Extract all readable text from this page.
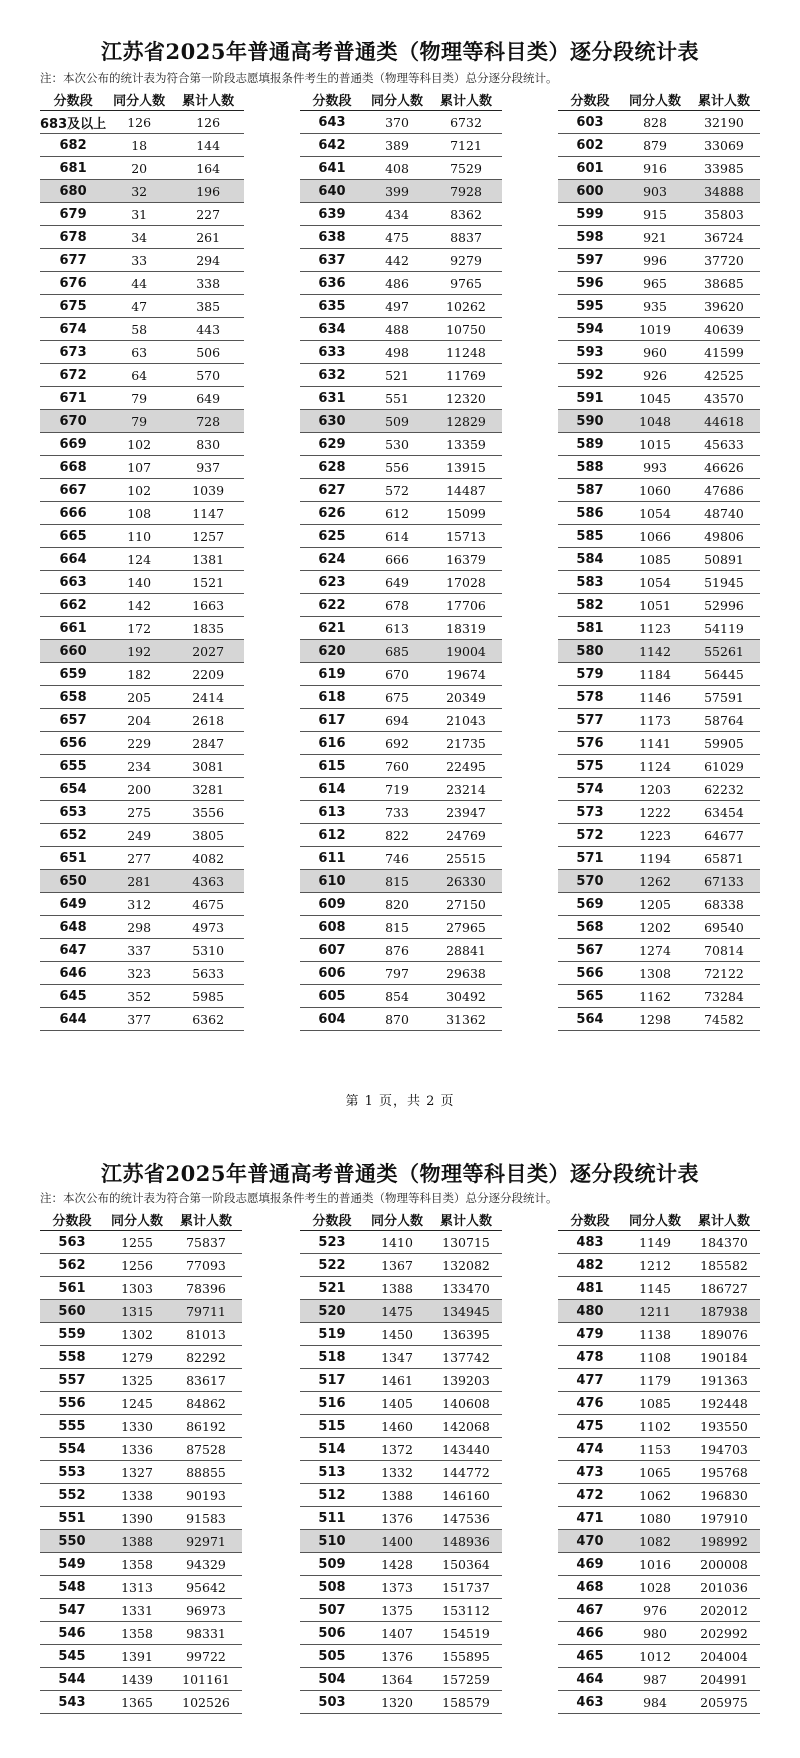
江苏省2025年普通高考普通类（物理等科目类）逐分段统计表
注：本次公布的统计表为符合第一阶段志愿填报条件考生的普通类（物理等科目类）总分逐分段统计。
分数段	同分人数	累计人数
683及以上	126	126
682	18	144
681	20	164
680	32	196
679	31	227
678	34	261
677	33	294
676	44	338
675	47	385
674	58	443
673	63	506
672	64	570
671	79	649
670	79	728
669	102	830
668	107	937
667	102	1039
666	108	1147
665	110	1257
664	124	1381
663	140	1521
662	142	1663
661	172	1835
660	192	2027
659	182	2209
658	205	2414
657	204	2618
656	229	2847
655	234	3081
654	200	3281
653	275	3556
652	249	3805
651	277	4082
650	281	4363
649	312	4675
648	298	4973
647	337	5310
646	323	5633
645	352	5985
644	377	6362
分数段	同分人数	累计人数
643	370	6732
642	389	7121
641	408	7529
640	399	7928
639	434	8362
638	475	8837
637	442	9279
636	486	9765
635	497	10262
634	488	10750
633	498	11248
632	521	11769
631	551	12320
630	509	12829
629	530	13359
628	556	13915
627	572	14487
626	612	15099
625	614	15713
624	666	16379
623	649	17028
622	678	17706
621	613	18319
620	685	19004
619	670	19674
618	675	20349
617	694	21043
616	692	21735
615	760	22495
614	719	23214
613	733	23947
612	822	24769
611	746	25515
610	815	26330
609	820	27150
608	815	27965
607	876	28841
606	797	29638
605	854	30492
604	870	31362
分数段	同分人数	累计人数
603	828	32190
602	879	33069
601	916	33985
600	903	34888
599	915	35803
598	921	36724
597	996	37720
596	965	38685
595	935	39620
594	1019	40639
593	960	41599
592	926	42525
591	1045	43570
590	1048	44618
589	1015	45633
588	993	46626
587	1060	47686
586	1054	48740
585	1066	49806
584	1085	50891
583	1054	51945
582	1051	52996
581	1123	54119
580	1142	55261
579	1184	56445
578	1146	57591
577	1173	58764
576	1141	59905
575	1124	61029
574	1203	62232
573	1222	63454
572	1223	64677
571	1194	65871
570	1262	67133
569	1205	68338
568	1202	69540
567	1274	70814
566	1308	72122
565	1162	73284
564	1298	74582
第 1 页，共 2 页
江苏省2025年普通高考普通类（物理等科目类）逐分段统计表
注：本次公布的统计表为符合第一阶段志愿填报条件考生的普通类（物理等科目类）总分逐分段统计。
分数段	同分人数	累计人数
563	1255	75837
562	1256	77093
561	1303	78396
560	1315	79711
559	1302	81013
558	1279	82292
557	1325	83617
556	1245	84862
555	1330	86192
554	1336	87528
553	1327	88855
552	1338	90193
551	1390	91583
550	1388	92971
549	1358	94329
548	1313	95642
547	1331	96973
546	1358	98331
545	1391	99722
544	1439	101161
543	1365	102526
分数段	同分人数	累计人数
523	1410	130715
522	1367	132082
521	1388	133470
520	1475	134945
519	1450	136395
518	1347	137742
517	1461	139203
516	1405	140608
515	1460	142068
514	1372	143440
513	1332	144772
512	1388	146160
511	1376	147536
510	1400	148936
509	1428	150364
508	1373	151737
507	1375	153112
506	1407	154519
505	1376	155895
504	1364	157259
503	1320	158579
分数段	同分人数	累计人数
483	1149	184370
482	1212	185582
481	1145	186727
480	1211	187938
479	1138	189076
478	1108	190184
477	1179	191363
476	1085	192448
475	1102	193550
474	1153	194703
473	1065	195768
472	1062	196830
471	1080	197910
470	1082	198992
469	1016	200008
468	1028	201036
467	976	202012
466	980	202992
465	1012	204004
464	987	204991
463	984	205975
